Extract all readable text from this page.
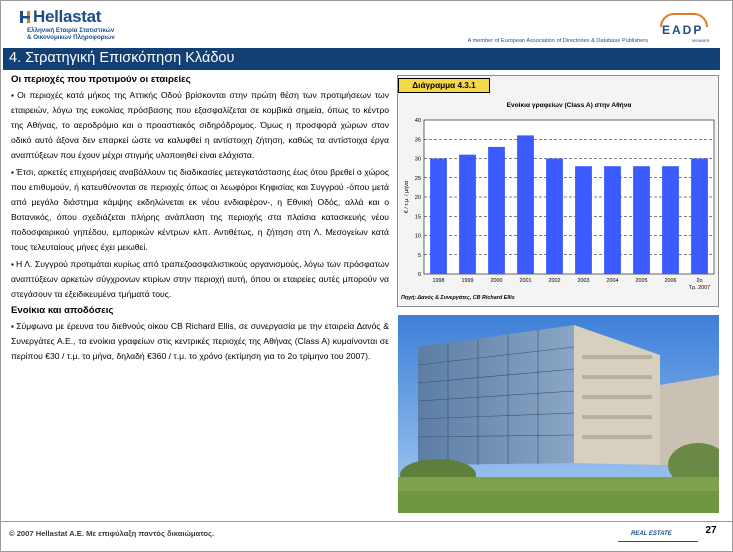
Hellastat
Ελληνική Εταιρία Στατιστικών
& Οικονομικών Πληροφοριών	A member of European Association of Directories & Database Publishers
EADP
MEMBER
4. Στρατηγική Επισκόπηση Κλάδου
Οι περιοχές που προτιμούν οι εταιρείες

▪ Οι περιοχές κατά μήκος της Αττικής Οδού βρίσκονται στην πρώτη θέση των προτιμήσεων των εταιρειών, λόγω της ευκολίας πρόσβασης που εξασφαλίζεται σε κομβικά σημεία, όπως το κέντρο της Αθήνας, το αεροδρόμιο και ο προαστιακός σιδηρόδρομος. Όμως η προσφορά χώρων στον οδικό αυτό άξονα δεν επαρκεί ώστε να καλυφθεί η αντίστοιχη ζήτηση, καθώς τα αντίστοιχα έργα αναπτύξεων που έχουν μέχρι στιγμής υλοποιηθεί είναι ελάχιστα.

▪ Έτσι, αρκετές επιχειρήσεις αναβάλλουν τις διαδικασίες μετεγκατάστασης έως ότου βρεθεί ο χώρος που επιθυμούν, ή κατευθύνονται σε περιοχές όπως οι λεωφόροι Κηφισίας και Συγγρού -όπου μετά από μεγάλο διάστημα κάμψης εκδηλώνεται εκ νέου ενδιαφέρον-, η Εθνική Οδός, αλλά και ο Βοτανικός, όπου σχεδιάζεται πλήρης ανάπλαση της περιοχής στα πλαίσια κατασκευής νέου ποδοσφαιρικού γηπέδου, εμπορικών κέντρων κλπ. Αντιθέτως, η ζήτηση στη Λ. Μεσογείων κατά τους τελευταίους μήνες έχει μειωθεί.

▪ Η Λ. Συγγρού προτιμάται κυρίως από τραπεζοασφαλιστικούς οργανισμούς, λόγω των πρόσφατων αναπτύξεων αρκετών σύγχρονων κτιρίων στην περιοχή αυτή, όπου οι εταιρείες αυτές μπορούν να στεγάσουν τα εξειδικευμένα τμήματά τους.

Ενοίκια και αποδόσεις

▪ Σύμφωνα με έρευνα του διεθνούς οίκου CB Richard Ellis, σε συνεργασία με την εταιρεία Δανός & Συνεργάτες Α.Ε., τα ενοίκια γραφείων στις κεντρικές περιοχές της Αθήνας (Class A) κυμαίνονται σε περίπου €30 / τ.μ. το μήνα, δηλαδή €360 / τ.μ. το χρόνο (εκτίμηση για το 2ο τρίμηνο του 2007).

Διάγραμμα 4.3.1
Ενοίκια γραφείων (Class A) στην Αθήνα
0
5
10
15
20
25
30
35
40
€ / τ.μ. / μήνα
1998	1999	2000	2001	2002	2003	2004	2005	2006	2ο
Τρ. 2007
Πηγή: Δανός & Συνεργάτες, CB Richard Ellis
© 2007 Hellastat A.E. Με επιφύλαξη παντός δικαιώματος.	REAL ESTATE	27
